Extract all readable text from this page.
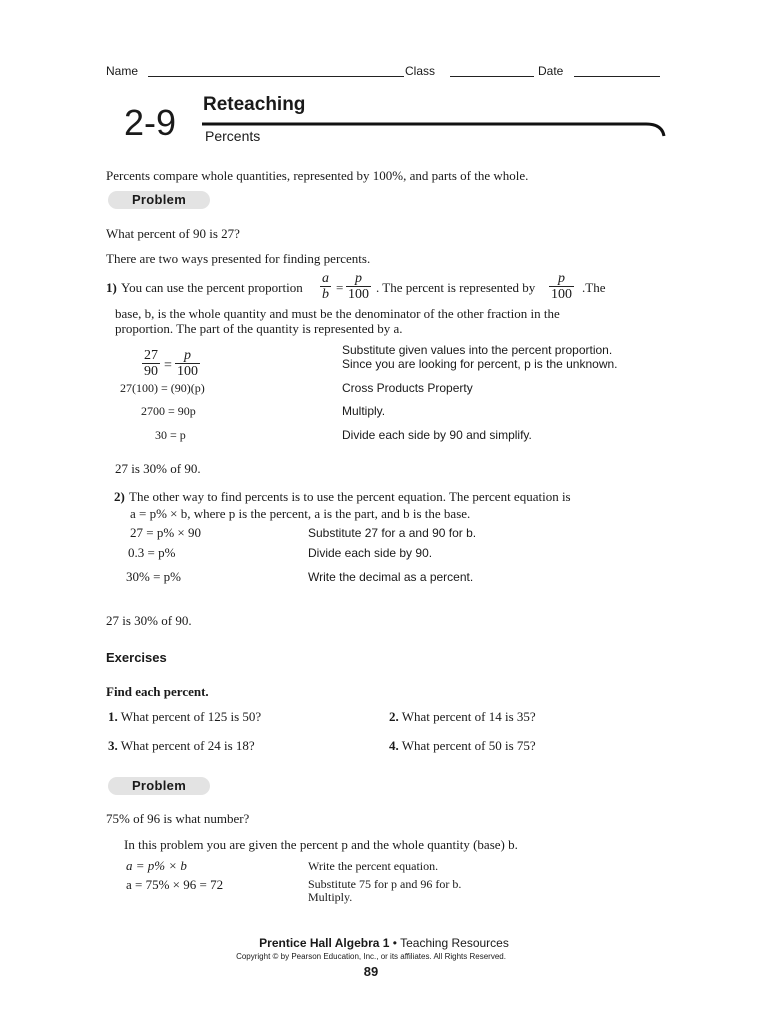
Name	Class	Date
2-9 Reteaching
Percents
Percents compare whole quantities, represented by 100%, and parts of the whole.
Problem
What percent of 90 is 27?
There are two ways presented for finding percents.
1) You can use the percent proportion $\frac{a}{b} = \frac{p}{100}$ . The percent is represented by $\frac{p}{100} .The$
base, b, is the whole quantity and must be the denominator of the other fraction in the
proportion. The part of the quantity is represented by a.
$\frac{27}{90} = \frac{p}{100}$	Substitute given values into the percent proportion. Since you are looking for percent, p is the unknown.
27(100) = (90)(p)	Cross Products Property
2700 = 90p	Multiply.
30 = p	Divide each side by 90 and simplify.
27 is 30% of 90.
2) The other way to find percents is to use the percent equation. The percent equation is
a = p% × b, where p is the percent, a is the part, and b is the base.
27 = p% × 90	Substitute 27 for a and 90 for b.
0.3 = p%	Divide each side by 90.
30% = p%	Write the decimal as a percent.
27 is 30% of 90.
Exercises
Find each percent.
1. What percent of 125 is 50?	2. What percent of 14 is 35?
3. What percent of 24 is 18?	4. What percent of 50 is 75?
Problem
75% of 96 is what number?
In this problem you are given the percent p and the whole quantity (base) b.
a = p% × b	Write the percent equation.
a = 75% × 96 = 72	Substitute 75 for p and 96 for b.
Multiply.
Prentice Hall Algebra 1 • Teaching Resources
Copyright © by Pearson Education, Inc., or its affiliates. All Rights Reserved.
89
